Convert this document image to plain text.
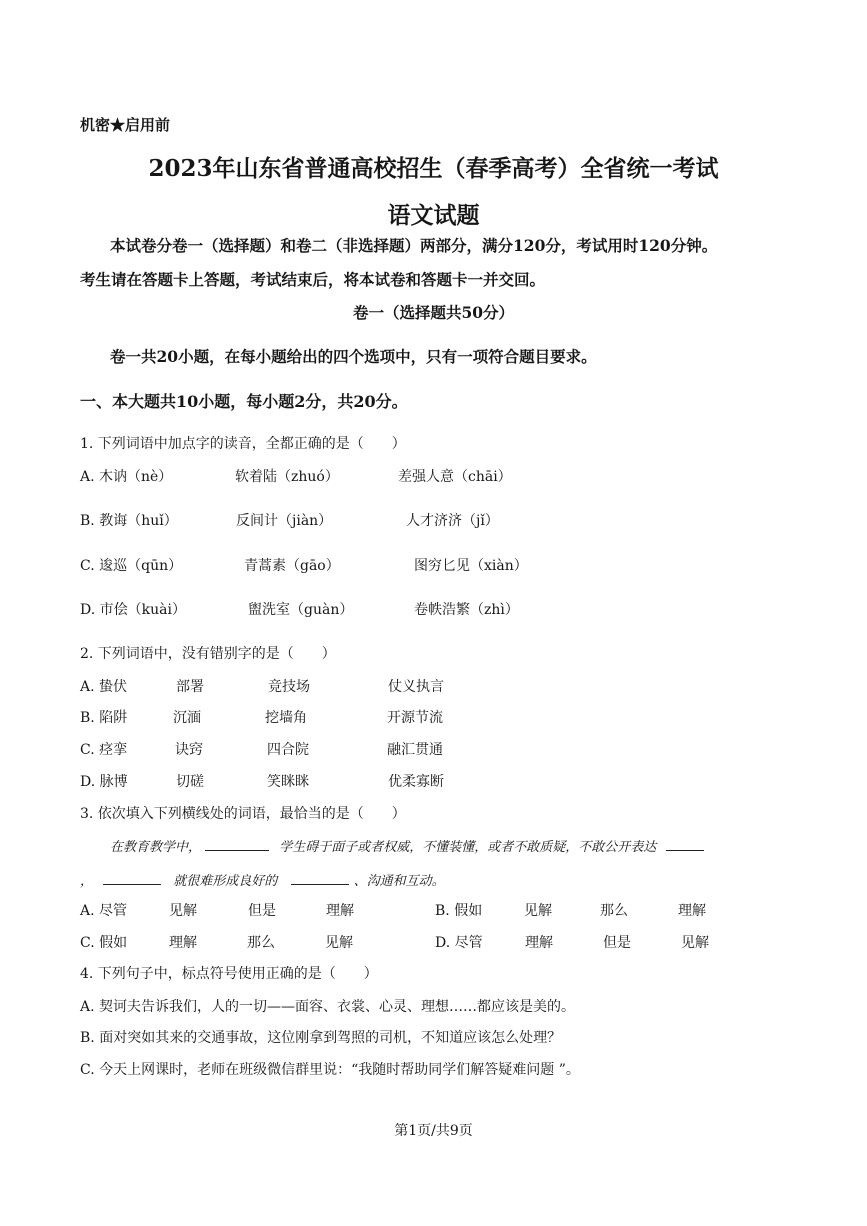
机密★启用前
2023年山东省普通高校招生（春季高考）全省统一考试
语文试题
本试卷分卷一（选择题）和卷二（非选择题）两部分，满分120分，考试用时120分钟。
考生请在答题卡上答题，考试结束后，将本试卷和答题卡一并交回。
卷一（选择题共50分）
卷一共20小题，在每小题给出的四个选项中，只有一项符合题目要求。
一、本大题共10小题，每小题2分，共20分。
1. 下列词语中加点字的读音，全都正确的是（　　）
A. 木讷（nè）	软着陆（zhuó）	差强人意（chāi）
B. 教诲（huǐ）	反间计（jiàn）	人才济济（jǐ）
C. 逡巡（qūn）	青蒿素（gāo）	图穷匕见（xiàn）
D. 市侩（kuài）	盥洗室（guàn）	卷帙浩繁（zhì）
2. 下列词语中，没有错别字的是（　　）
A. 蛰伏	部署	竞技场	仗义执言
B. 陷阱	沉湎	挖墙角	开源节流
C. 痉挛	诀窍	四合院	融汇贯通
D. 脉博	切磋	笑眯眯	优柔寡断
3. 依次填入下列横线处的词语，最恰当的是（　　）
在教育教学中，	学生碍于面子或者权威，不懂装懂，或者不敢质疑，不敢公开表达
，	就很难形成良好的	、沟通和互动。
A. 尽管	见解	但是	理解	B. 假如	见解	那么	理解
C. 假如	理解	那么	见解	D. 尽管	理解	但是	见解
4. 下列句子中，标点符号使用正确的是（　　）
A. 契诃夫告诉我们，人的一切——面容、衣裳、心灵、理想……都应该是美的。
B. 面对突如其来的交通事故，这位刚拿到驾照的司机，不知道应该怎么处理？
C. 今天上网课时，老师在班级微信群里说：“我随时帮助同学们解答疑难问题 ”。
第1页/共9页
